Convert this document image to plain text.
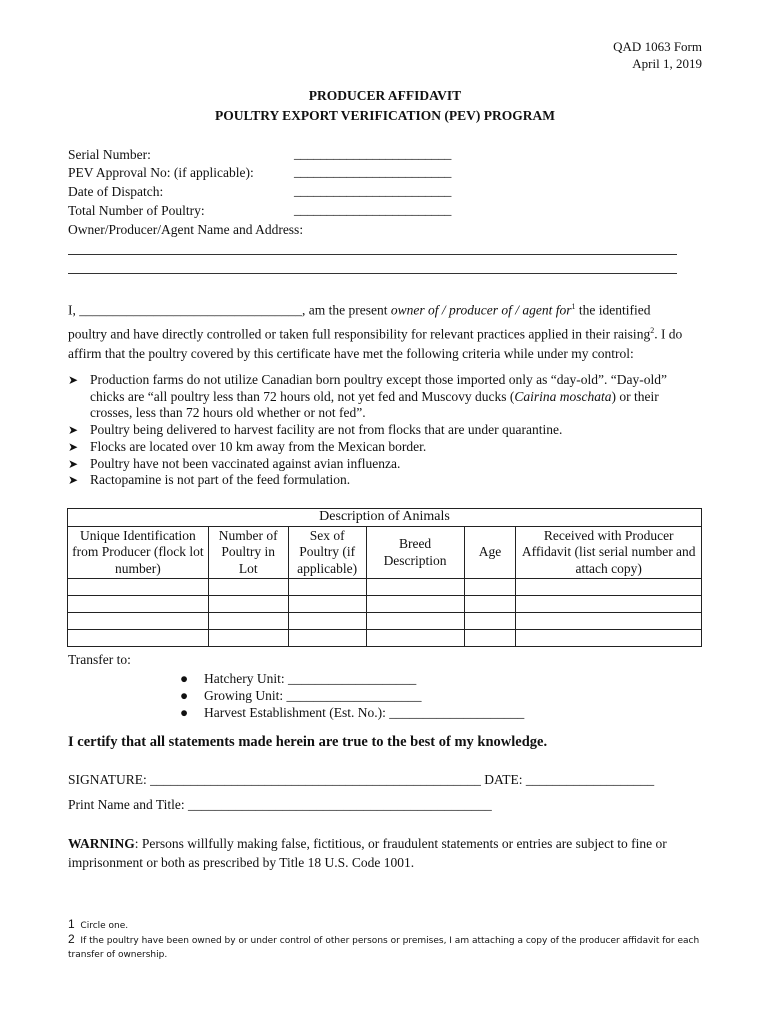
QAD 1063 Form
April 1, 2019
PRODUCER AFFIDAVIT
POULTRY EXPORT VERIFICATION (PEV) PROGRAM
Serial Number:	________________________
PEV Approval No: (if applicable):	________________________
Date of Dispatch:	________________________
Total Number of Poultry:	________________________
Owner/Producer/Agent Name and Address:
I, _________________________________, am the present owner of / producer of / agent for$^1$ the identified
poultry and have directly controlled or taken full responsibility for relevant practices applied in their raising$^2$. I do
affirm that the poultry covered by this certificate have met the following criteria while under my control:
➤ Production farms do not utilize Canadian born poultry except those imported only as “day-old”. “Day-old” chicks are “all poultry less than 72 hours old, not yet fed and Muscovy ducks (Cairina moschata) or their crosses, less than 72 hours old whether or not fed”.
➤ Poultry being delivered to harvest facility are not from flocks that are under quarantine.
➤ Flocks are located over 10 km away from the Mexican border.
➤ Poultry have not been vaccinated against avian influenza.
➤ Ractopamine is not part of the feed formulation.
Description of Animals					
Unique Identification from Producer (flock lot number)	Number of Poultry in Lot	Sex of Poultry (if applicable)	Breed Description	Age	Received with Producer Affidavit (list serial number and attach copy)

Transfer to:
● Hatchery Unit: ___________________
● Growing Unit: ____________________
● Harvest Establishment (Est. No.): ____________________
I certify that all statements made herein are true to the best of my knowledge.
SIGNATURE: _________________________________________________ DATE: ___________________
Print Name and Title: _____________________________________________
WARNING: Persons willfully making false, fictitious, or fraudulent statements or entries are subject to fine or imprisonment or both as prescribed by Title 18 U.S. Code 1001.
1 Circle one.
2 If the poultry have been owned by or under control of other persons or premises, I am attaching a copy of the producer affidavit for each transfer of ownership.
